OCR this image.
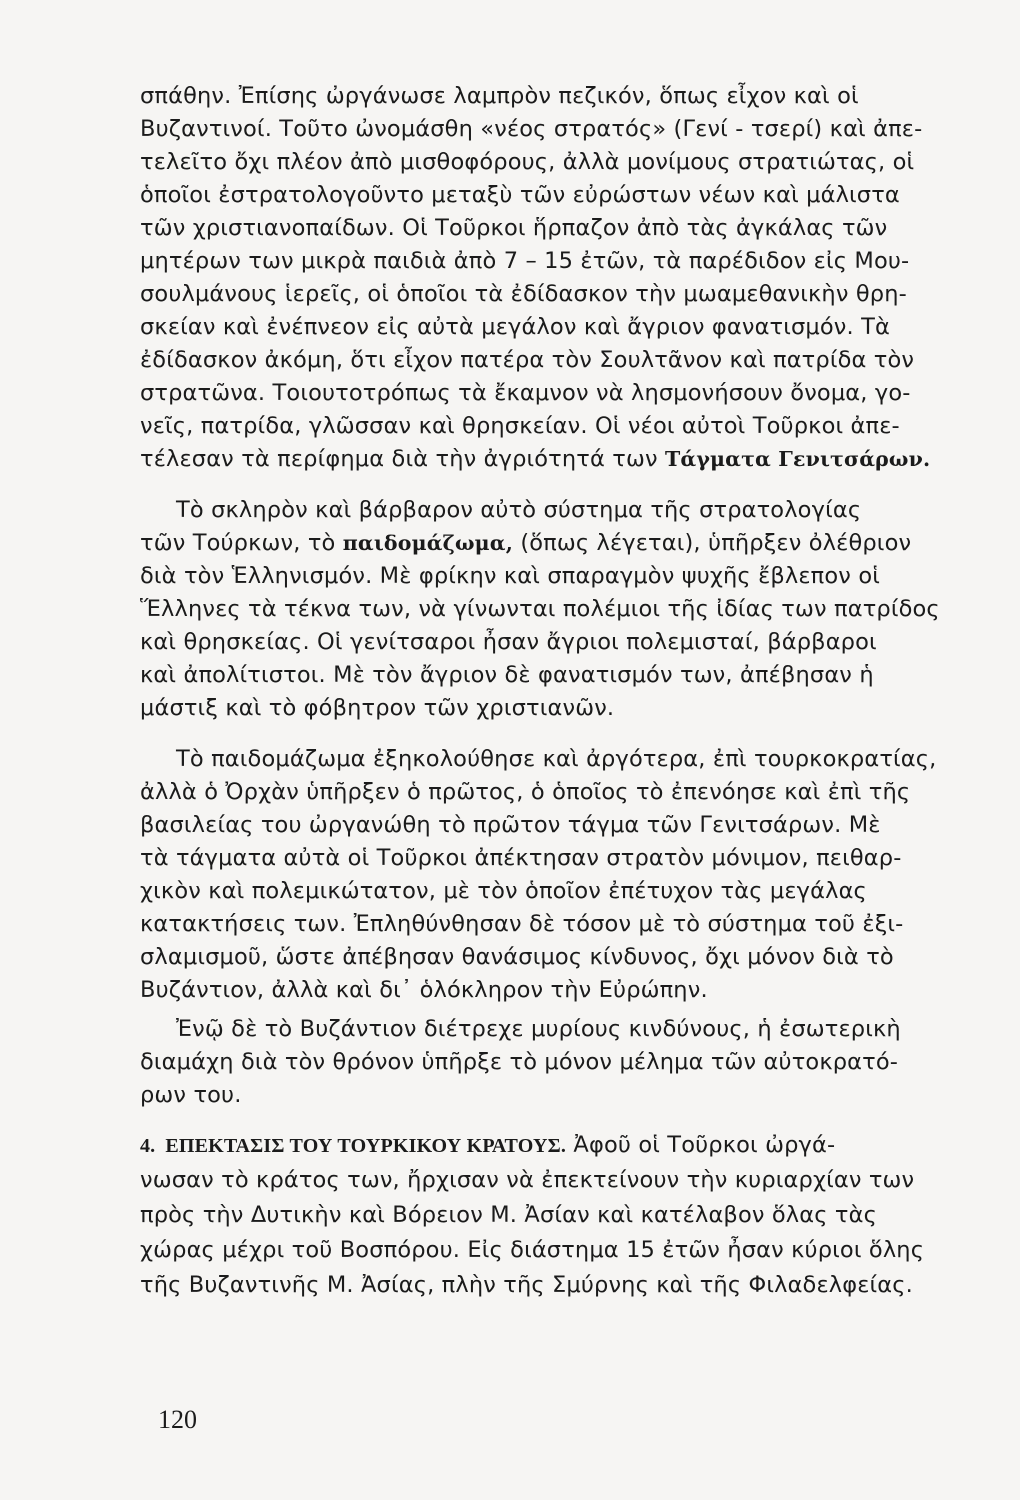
σπάθην. Ἐπίσης ὠργάνωσε λαμπρὸν πεζικόν, ὅπως εἶχον καὶ οἱ
Βυζαντινοί. Τοῦτο ὠνομάσθη «νέος στρατός» (Γενί - τσερί) καὶ ἀπε-
τελεῖτο ὄχι πλέον ἀπὸ μισθοφόρους, ἀλλὰ μονίμους στρατιώτας, οἱ
ὁποῖοι ἐστρατολογοῦντο μεταξὺ τῶν εὐρώστων νέων καὶ μάλιστα
τῶν χριστιανοπαίδων. Οἱ Τοῦρκοι ἥρπαζον ἀπὸ τὰς ἀγκάλας τῶν
μητέρων των μικρὰ παιδιὰ ἀπὸ 7 – 15 ἐτῶν, τὰ παρέδιδον εἰς Μου-
σουλμάνους ἱερεῖς, οἱ ὁποῖοι τὰ ἐδίδασκον τὴν μωαμεθανικὴν θρη-
σκείαν καὶ ἐνέπνεον εἰς αὐτὰ μεγάλον καὶ ἄγριον φανατισμόν. Τὰ
ἐδίδασκον ἀκόμη, ὅτι εἶχον πατέρα τὸν Σουλτᾶνον καὶ πατρίδα τὸν
στρατῶνα. Τοιουτοτρόπως τὰ ἔκαμνον νὰ λησμονήσουν ὄνομα, γο-
νεῖς, πατρίδα, γλῶσσαν καὶ θρησκείαν. Οἱ νέοι αὐτοὶ Τοῦρκοι ἀπε-
τέλεσαν τὰ περίφημα διὰ τὴν ἀγριότητά των Τάγματα Γενιτσάρων.
Τὸ σκληρὸν καὶ βάρβαρον αὐτὸ σύστημα τῆς στρατολογίας
τῶν Τούρκων, τὸ παιδομάζωμα, (ὅπως λέγεται), ὑπῆρξεν ὀλέθριον
διὰ τὸν Ἑλληνισμόν. Μὲ φρίκην καὶ σπαραγμὸν ψυχῆς ἔβλεπον οἱ
Ἕλληνες τὰ τέκνα των, νὰ γίνωνται πολέμιοι τῆς ἰδίας των πατρίδος
καὶ θρησκείας. Οἱ γενίτσαροι ἦσαν ἄγριοι πολεμισταί, βάρβαροι
καὶ ἀπολίτιστοι. Μὲ τὸν ἄγριον δὲ φανατισμόν των, ἀπέβησαν ἡ
μάστιξ καὶ τὸ φόβητρον τῶν χριστιανῶν.
Τὸ παιδομάζωμα ἐξηκολούθησε καὶ ἀργότερα, ἐπὶ τουρκοκρατίας,
ἀλλὰ ὁ Ὀρχὰν ὑπῆρξεν ὁ πρῶτος, ὁ ὁποῖος τὸ ἐπενόησε καὶ ἐπὶ τῆς
βασιλείας του ὠργανώθη τὸ πρῶτον τάγμα τῶν Γενιτσάρων. Μὲ
τὰ τάγματα αὐτὰ οἱ Τοῦρκοι ἀπέκτησαν στρατὸν μόνιμον, πειθαρ-
χικὸν καὶ πολεμικώτατον, μὲ τὸν ὁποῖον ἐπέτυχον τὰς μεγάλας
κατακτήσεις των. Ἐπληθύνθησαν δὲ τόσον μὲ τὸ σύστημα τοῦ ἐξι-
σλαμισμοῦ, ὥστε ἀπέβησαν θανάσιμος κίνδυνος, ὄχι μόνον διὰ τὸ
Βυζάντιον, ἀλλὰ καὶ δι᾽ ὁλόκληρον τὴν Εὐρώπην.
Ἐνῷ δὲ τὸ Βυζάντιον διέτρεχε μυρίους κινδύνους, ἡ ἐσωτερικὴ
διαμάχη διὰ τὸν θρόνον ὑπῆρξε τὸ μόνον μέλημα τῶν αὐτοκρατό-
ρων του.
4. ΕΠΕΚΤΑΣΙΣ ΤΟΥ ΤΟΥΡΚΙΚΟΥ ΚΡΑΤΟΥΣ. Ἀφοῦ οἱ Τοῦρκοι ὠργά-
νωσαν τὸ κράτος των, ἤρχισαν νὰ ἐπεκτείνουν τὴν κυριαρχίαν των
πρὸς τὴν Δυτικὴν καὶ Βόρειον Μ. Ἀσίαν καὶ κατέλαβον ὅλας τὰς
χώρας μέχρι τοῦ Βοσπόρου. Εἰς διάστημα 15 ἐτῶν ἦσαν κύριοι ὅλης
τῆς Βυζαντινῆς Μ. Ἀσίας, πλὴν τῆς Σμύρνης καὶ τῆς Φιλαδελφείας.
120
